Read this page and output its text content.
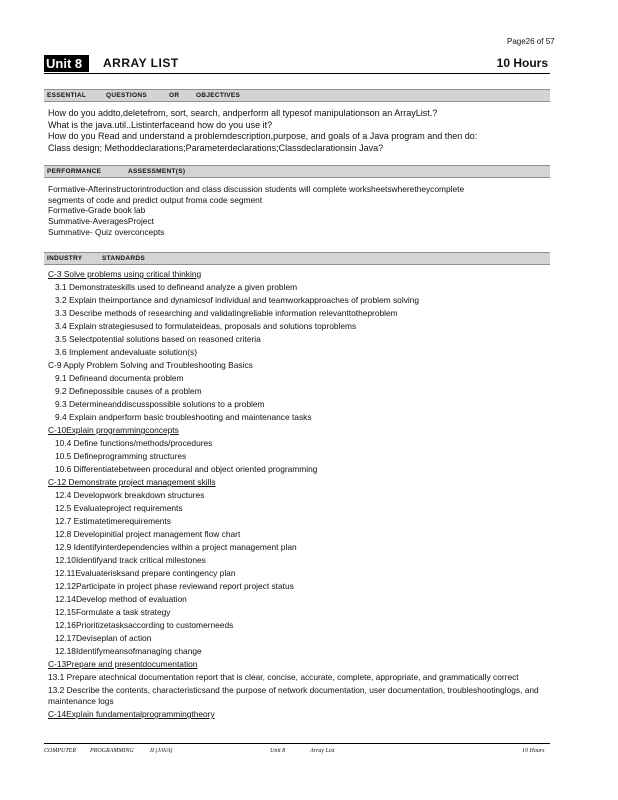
Page26 of 57
Unit 8	ARRAY LIST	10 Hours
ESSENTIAL	QUESTIONS	OR	OBJECTIVES
How do you addto,deletefrom, sort, search, andperform all typesof manipulationson an ArrayList.?
What is the java.util..Listinterfaceand how do you use it?
How do you Read and understand a problemdescription,purpose, and goals of a Java program and then do:
Class design; Methoddeclarations;Parameterdeclarations;Classdeclarationsin Java?
PERFORMANCE	ASSESSMENT(S)
Formative-Afterinstructorintroduction and class discussion students will complete worksheetswheretheycomplete
segments of code and predict output froma code segment
Formative-Grade book lab
Summative-AveragesProject
Summative- Quiz overconcepts
INDUSTRY	STANDARDS
C-3 Solve problems using critical thinking
3.1 Demonstrateskills used to defineand analyze a given problem
3.2 Explain theimportance and dynamicsof individual and teamworkapproaches of problem solving
3.3 Describe methods of researching and validatingreliable information relevanttotheproblem
3.4 Explain strategiesused to formulateideas, proposals and solutions toproblems
3.5 Selectpotential solutions based on reasoned criteria
3.6 Implement andevaluate solution(s)
C-9 Apply Problem Solving and Troubleshooting Basics
9.1 Defineand documenta problem
9.2 Definepossible causes of a problem
9.3 Determineanddiscusspossible solutions to a problem
9.4 Explain andperform basic troubleshooting and maintenance tasks
C-10Explain programmingconcepts
10.4 Define functions/methods/procedures
10.5 Defineprogramming structures
10.6 Differentiatebetween procedural and object oriented programming
C-12 Demonstrate project management skills
12.4 Developwork breakdown structures
12.5 Evaluateproject requirements
12.7 Estimatetimerequirements
12.8 Developinitial project management flow chart
12.9 Identifyinterdependencies within a project management plan
12.10Identifyand track critical milestones
12.11Evaluaterisksand prepare contingency plan
12.12Participate in project phase reviewand report project status
12.14Develop method of evaluation
12.15Formulate a task strategy
12.16Prioritizetasksaccording to customerneeds
12.17Deviseplan of action
12.18Identifymeansofmanaging change
C-13Prepare and presentdocumentation
13.1 Prepare atechnical documentation report that is clear, concise, accurate, complete, appropriate, and grammatically correct
13.2 Describe the contents, characteristicsand the purpose of network documentation, user documentation, troubleshootinglogs, and maintenance logs
C-14Explain fundamentalprogrammingtheory
COMPUTER PROGRAMMING	II (JAVA)	Unit 8	Array List	10 Hours
